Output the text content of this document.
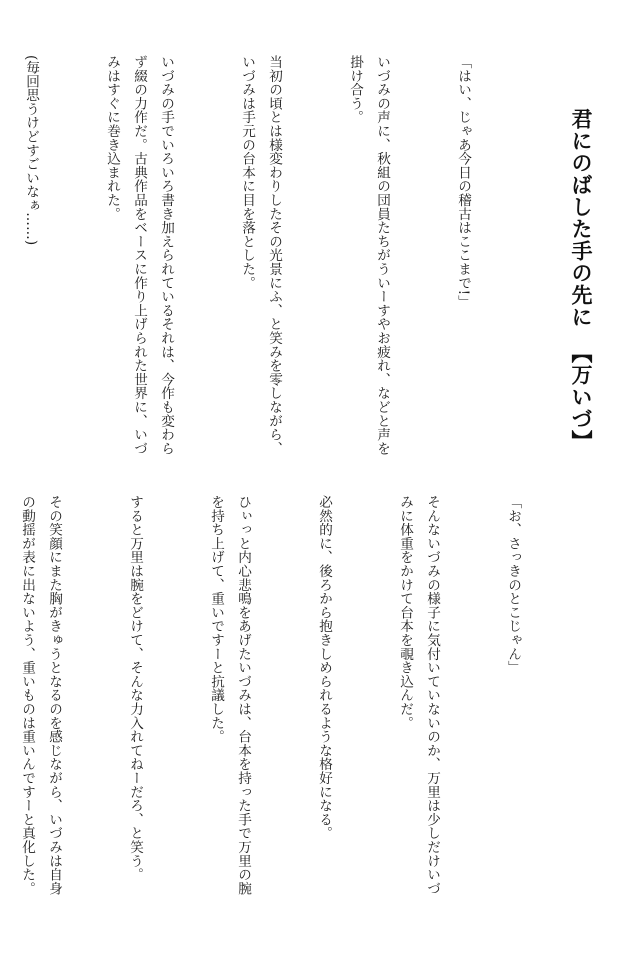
君にのばした手の先に【万いづ】

「はい、じゃあ今日の稽古はここまで!」

いづみの声に、秋組の団員たちがういーすやお疲れ、などと声を掛け合う。

当初の頃とは様変わりしたその光景にふ、と笑みを零しながら、いづみは手元の台本に目を落とした。

いづみの手でいろいろ書き加えられているそれは、今作も変わらず綴の力作だ。古典作品をベースに作り上げられた世界に、いづみはすぐに巻き込まれた。

(毎回思うけどすごいなぁ……)

「お、さっきのとこじゃん」

そんないづみの様子に気付いていないのか、万里は少しだけいづみに体重をかけて台本を覗き込んだ。

必然的に、後ろから抱きしめられるような格好になる。

ひぃっと内心悲鳴をあげたいづみは、台本を持った手で万里の腕を持ち上げて、重いですーと抗議した。

すると万里は腕をどけて、そんな力入れてねーだろ、と笑う。

その笑顔にまた胸がきゅうとなるのを感じながら、いづみは自身の動揺が表に出ないよう、重いものは重いんですーと真化した。
